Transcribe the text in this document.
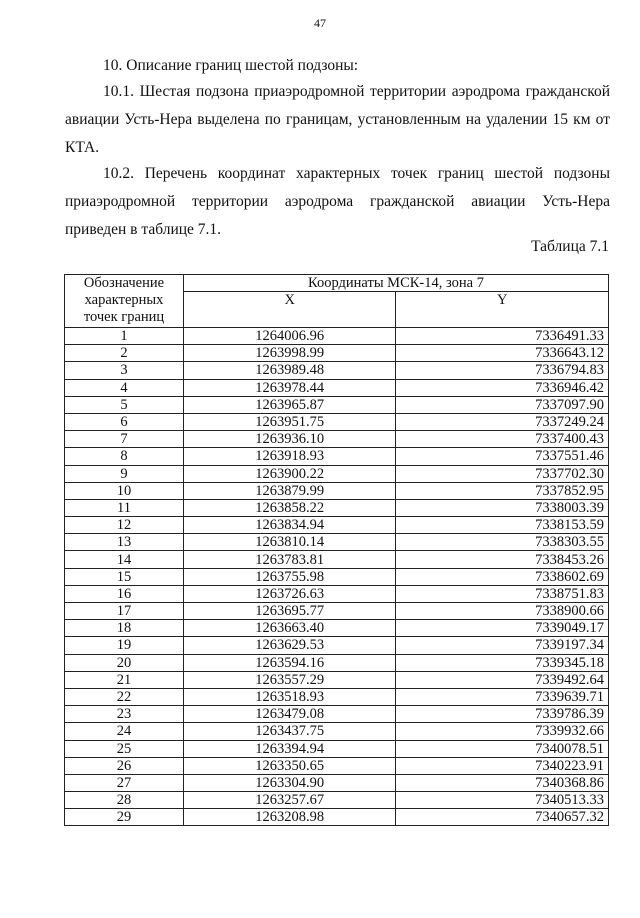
47

10. Описание границ шестой подзоны:

10.1. Шестая подзона приаэродромной территории аэродрома гражданской авиации Усть-Нера выделена по границам, установленным на удалении 15 км от КТА.

10.2. Перечень координат характерных точек границ шестой подзоны приаэродромной территории аэродрома гражданской авиации Усть-Нера приведен в таблице 7.1.

Таблица 7.1
Обозначение характерных точек границ	Координаты МСК-14, зона 7	
	X	Y
1	1264006.96	7336491.33
2	1263998.99	7336643.12
3	1263989.48	7336794.83
4	1263978.44	7336946.42
5	1263965.87	7337097.90
6	1263951.75	7337249.24
7	1263936.10	7337400.43
8	1263918.93	7337551.46
9	1263900.22	7337702.30
10	1263879.99	7337852.95
11	1263858.22	7338003.39
12	1263834.94	7338153.59
13	1263810.14	7338303.55
14	1263783.81	7338453.26
15	1263755.98	7338602.69
16	1263726.63	7338751.83
17	1263695.77	7338900.66
18	1263663.40	7339049.17
19	1263629.53	7339197.34
20	1263594.16	7339345.18
21	1263557.29	7339492.64
22	1263518.93	7339639.71
23	1263479.08	7339786.39
24	1263437.75	7339932.66
25	1263394.94	7340078.51
26	1263350.65	7340223.91
27	1263304.90	7340368.86
28	1263257.67	7340513.33
29	1263208.98	7340657.32
